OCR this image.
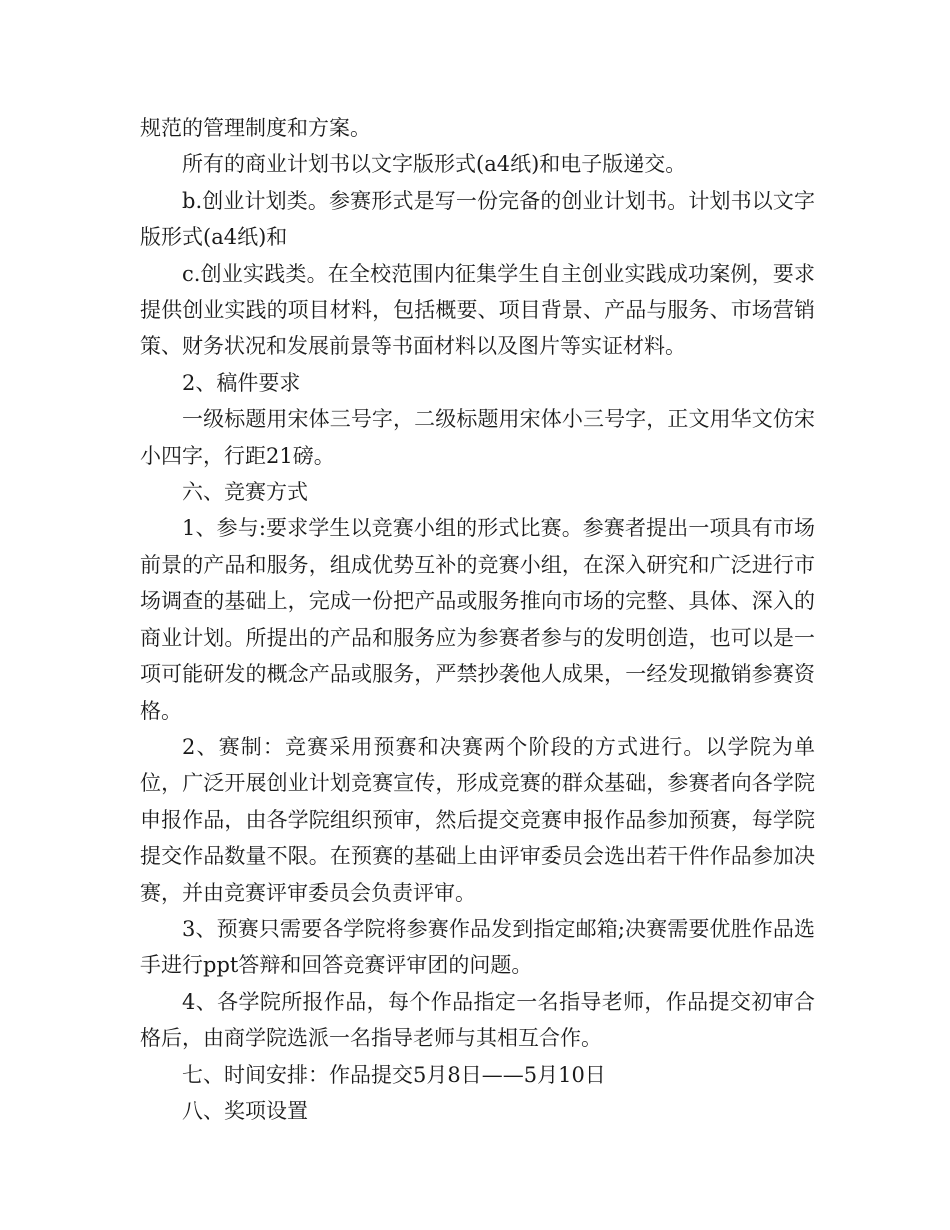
规范的管理制度和方案。

所有的商业计划书以文字版形式(a4纸)和电子版递交。

b.创业计划类。参赛形式是写一份完备的创业计划书。计划书以文字版形式(a4纸)和

c.创业实践类。在全校范围内征集学生自主创业实践成功案例，要求提供创业实践的项目材料，包括概要、项目背景、产品与服务、市场营销策、财务状况和发展前景等书面材料以及图片等实证材料。

2、稿件要求

一级标题用宋体三号字，二级标题用宋体小三号字，正文用华文仿宋小四字，行距21磅。

六、竞赛方式

1、参与:要求学生以竞赛小组的形式比赛。参赛者提出一项具有市场前景的产品和服务，组成优势互补的竞赛小组，在深入研究和广泛进行市场调查的基础上，完成一份把产品或服务推向市场的完整、具体、深入的商业计划。所提出的产品和服务应为参赛者参与的发明创造，也可以是一项可能研发的概念产品或服务，严禁抄袭他人成果，一经发现撤销参赛资格。

2、赛制：竞赛采用预赛和决赛两个阶段的方式进行。以学院为单位，广泛开展创业计划竞赛宣传，形成竞赛的群众基础，参赛者向各学院申报作品，由各学院组织预审，然后提交竞赛申报作品参加预赛，每学院提交作品数量不限。在预赛的基础上由评审委员会选出若干件作品参加决赛，并由竞赛评审委员会负责评审。

3、预赛只需要各学院将参赛作品发到指定邮箱;决赛需要优胜作品选手进行ppt答辩和回答竞赛评审团的问题。

4、各学院所报作品，每个作品指定一名指导老师，作品提交初审合格后，由商学院选派一名指导老师与其相互合作。

七、时间安排：作品提交5月8日——5月10日

八、奖项设置
